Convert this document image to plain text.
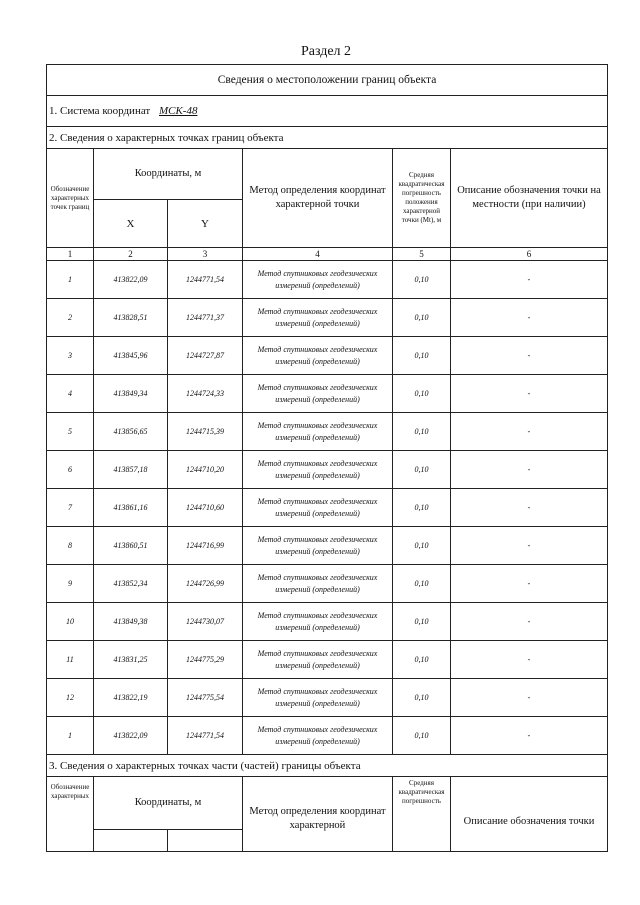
Раздел 2
Сведения о местоположении границ объекта					
1. Система координат МСК-48					
2. Сведения о характерных точках границ объекта					
Обозначение характерных точек границ	Координаты, м		Метод определения координат характерной точки	Средняя квадратическая погрешность положения характерной точки (Mt), м	Описание обозначения точки на местности (при наличии)
	X	Y			
1	2	3	4	5	6
1	413822,09	1244771,54	Метод спутниковых геодезических измерений (определений)	0,10	-
2	413828,51	1244771,37	Метод спутниковых геодезических измерений (определений)	0,10	-
3	413845,96	1244727,87	Метод спутниковых геодезических измерений (определений)	0,10	-
4	413849,34	1244724,33	Метод спутниковых геодезических измерений (определений)	0,10	-
5	413856,65	1244715,39	Метод спутниковых геодезических измерений (определений)	0,10	-
6	413857,18	1244710,20	Метод спутниковых геодезических измерений (определений)	0,10	-
7	413861,16	1244710,60	Метод спутниковых геодезических измерений (определений)	0,10	-
8	413860,51	1244716,99	Метод спутниковых геодезических измерений (определений)	0,10	-
9	413852,34	1244726,99	Метод спутниковых геодезических измерений (определений)	0,10	-
10	413849,38	1244730,07	Метод спутниковых геодезических измерений (определений)	0,10	-
11	413831,25	1244775,29	Метод спутниковых геодезических измерений (определений)	0,10	-
12	413822,19	1244775,54	Метод спутниковых геодезических измерений (определений)	0,10	-
1	413822,09	1244771,54	Метод спутниковых геодезических измерений (определений)	0,10	-
3. Сведения о характерных точках части (частей) границы объекта					
Обозначение характерных	Координаты, м		Метод определения координат характерной	Средняя квадратическая погрешность	Описание обозначения точки
